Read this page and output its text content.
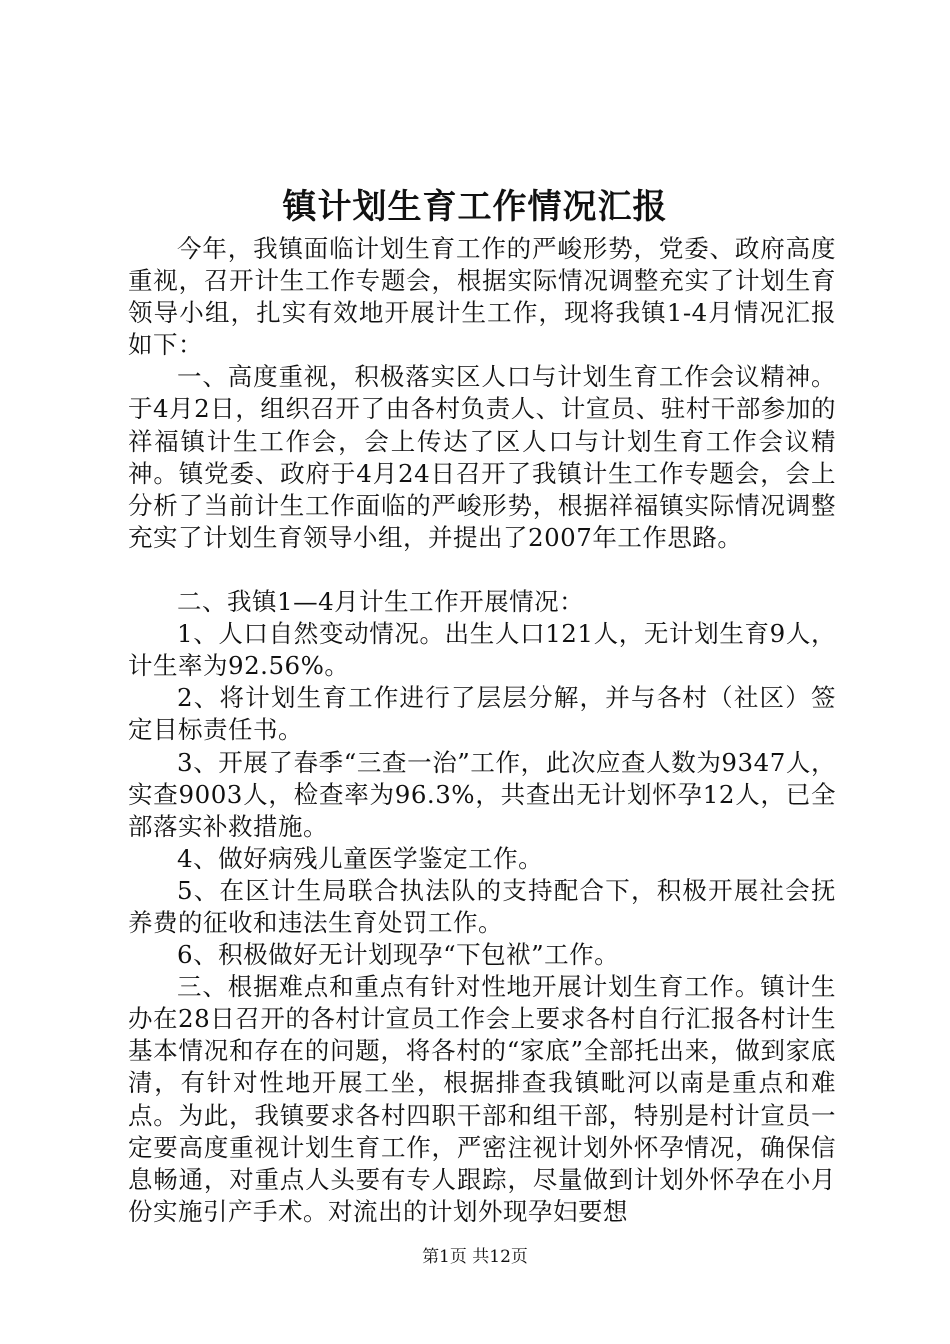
镇计划生育工作情况汇报

今年，我镇面临计划生育工作的严峻形势，党委、政府高度重视，召开计生工作专题会，根据实际情况调整充实了计划生育领导小组，扎实有效地开展计生工作，现将我镇1-4月情况汇报如下：

一、高度重视，积极落实区人口与计划生育工作会议精神。于4月2日，组织召开了由各村负责人、计宣员、驻村干部参加的祥福镇计生工作会，会上传达了区人口与计划生育工作会议精神。镇党委、政府于4月24日召开了我镇计生工作专题会，会上分析了当前计生工作面临的严峻形势，根据祥福镇实际情况调整充实了计划生育领导小组，并提出了2007年工作思路。

二、我镇1—4月计生工作开展情况：

1、人口自然变动情况。出生人口121人，无计划生育9人，计生率为92.56%。

2、将计划生育工作进行了层层分解，并与各村（社区）签定目标责任书。

3、开展了春季“三查一治”工作，此次应查人数为9347人，实查9003人，检查率为96.3%，共查出无计划怀孕12人，已全部落实补救措施。

4、做好病残儿童医学鉴定工作。

5、在区计生局联合执法队的支持配合下，积极开展社会抚养费的征收和违法生育处罚工作。

6、积极做好无计划现孕“下包袱”工作。

三、根据难点和重点有针对性地开展计划生育工作。镇计生办在28日召开的各村计宣员工作会上要求各村自行汇报各村计生基本情况和存在的问题，将各村的“家底”全部托出来，做到家底清，有针对性地开展工坐，根据排查我镇毗河以南是重点和难点。为此，我镇要求各村四职干部和组干部，特别是村计宣员一定要高度重视计划生育工作，严密注视计划外怀孕情况，确保信息畅通，对重点人头要有专人跟踪，尽量做到计划外怀孕在小月份实施引产手术。对流出的计划外现孕妇要想

第1页 共12页
